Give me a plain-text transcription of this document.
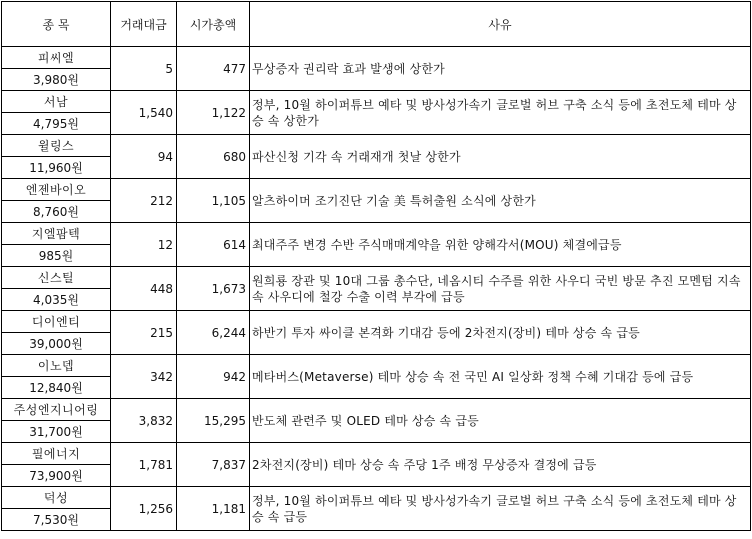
종 목	거래대금	시가총액	사유
피씨엘	5	477	무상증자 권리락 효과 발생에 상한가
3,980원			
서남	1,540	1,122	정부, 10월 하이퍼튜브 예타 및 방사성가속기 글로벌 허브 구축 소식 등에 초전도체 테마 상승 속 상한가
4,795원			
윌링스	94	680	파산신청 기각 속 거래재개 첫날 상한가
11,960원			
엔젠바이오	212	1,105	알츠하이머 조기진단 기술 美 특허출원 소식에 상한가
8,760원			
지엘팜텍	12	614	최대주주 변경 수반 주식매매계약을 위한 양해각서(MOU) 체결에급등
985원			
신스틸	448	1,673	원희룡 장관 및 10대 그룹 총수단, 네옴시티 수주를 위한 사우디 국빈 방문 추진 모멘텀 지속 속 사우디에 철강 수출 이력 부각에 급등
4,035원			
디이엔티	215	6,244	하반기 투자 싸이클 본격화 기대감 등에 2차전지(장비) 테마 상승 속 급등
39,000원			
이노뎁	342	942	메타버스(Metaverse) 테마 상승 속 전 국민 AI 일상화 정책 수혜 기대감 등에 급등
12,840원			
주성엔지니어링	3,832	15,295	반도체 관련주 및 OLED 테마 상승 속 급등
31,700원			
필에너지	1,781	7,837	2차전지(장비) 테마 상승 속 주당 1주 배정 무상증자 결정에 급등
73,900원			
덕성	1,256	1,181	정부, 10월 하이퍼튜브 예타 및 방사성가속기 글로벌 허브 구축 소식 등에 초전도체 테마 상승 속 급등
7,530원			
